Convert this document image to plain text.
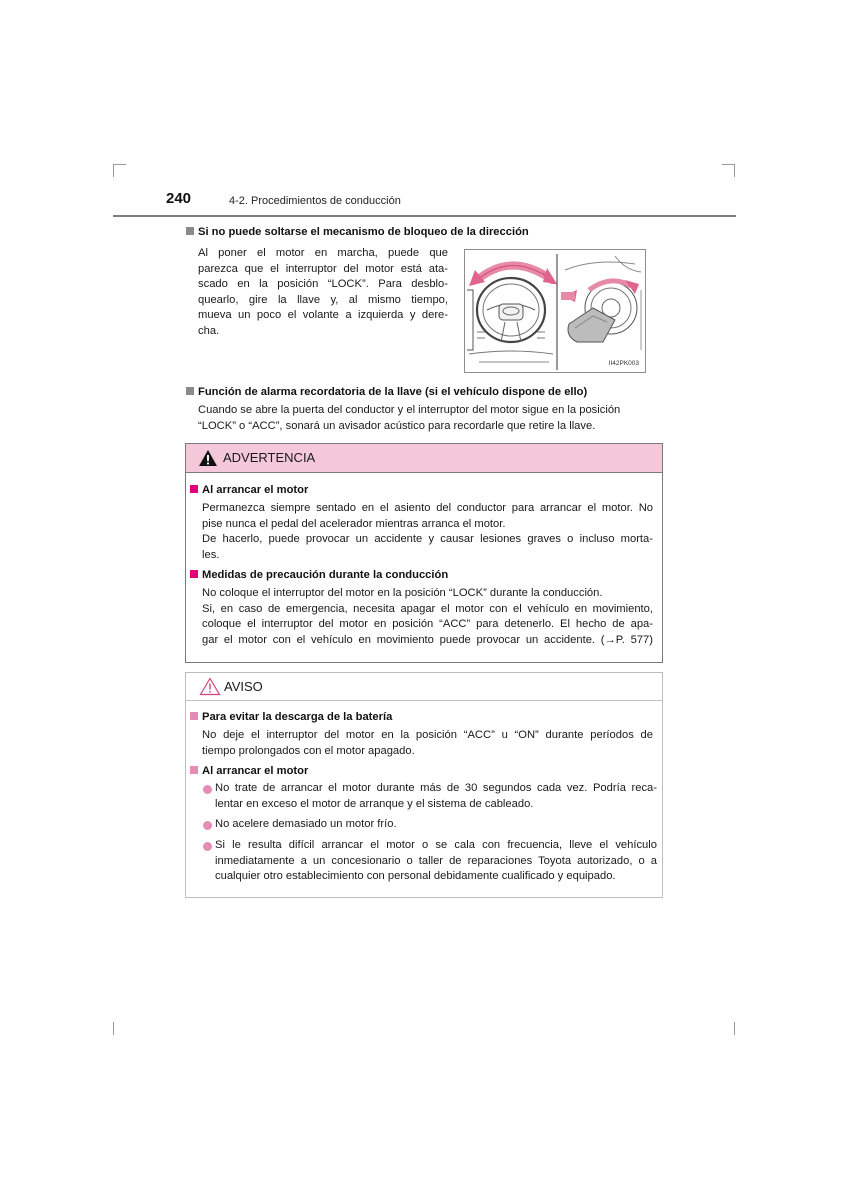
240	4-2. Procedimientos de conducción
Si no puede soltarse el mecanismo de bloqueo de la dirección
Al poner el motor en marcha, puede que
parezca que el interruptor del motor está ata-
scado en la posición “LOCK”. Para desblo-
quearlo, gire la llave y, al mismo tiempo,
mueva un poco el volante a izquierda y dere-
cha.
II42PK003
Función de alarma recordatoria de la llave (si el vehículo dispone de ello)
Cuando se abre la puerta del conductor y el interruptor del motor sigue en la posición
“LOCK” o “ACC”, sonará un avisador acústico para recordarle que retire la llave.
ADVERTENCIA
Al arrancar el motor
Permanezca siempre sentado en el asiento del conductor para arrancar el motor. No
pise nunca el pedal del acelerador mientras arranca el motor.
De hacerlo, puede provocar un accidente y causar lesiones graves o incluso morta-
les.
Medidas de precaución durante la conducción
No coloque el interruptor del motor en la posición “LOCK” durante la conducción.
Si, en caso de emergencia, necesita apagar el motor con el vehículo en movimiento,
coloque el interruptor del motor en posición “ACC” para detenerlo. El hecho de apa-
gar el motor con el vehículo en movimiento puede provocar un accidente. (→P. 577)
AVISO
Para evitar la descarga de la batería
No deje el interruptor del motor en la posición “ACC” u “ON” durante períodos de
tiempo prolongados con el motor apagado.
Al arrancar el motor
No trate de arrancar el motor durante más de 30 segundos cada vez. Podría reca-
lentar en exceso el motor de arranque y el sistema de cableado.
No acelere demasiado un motor frío.
Si le resulta difícil arrancar el motor o se cala con frecuencia, lleve el vehículo
inmediatamente a un concesionario o taller de reparaciones Toyota autorizado, o a
cualquier otro establecimiento con personal debidamente cualificado y equipado.
